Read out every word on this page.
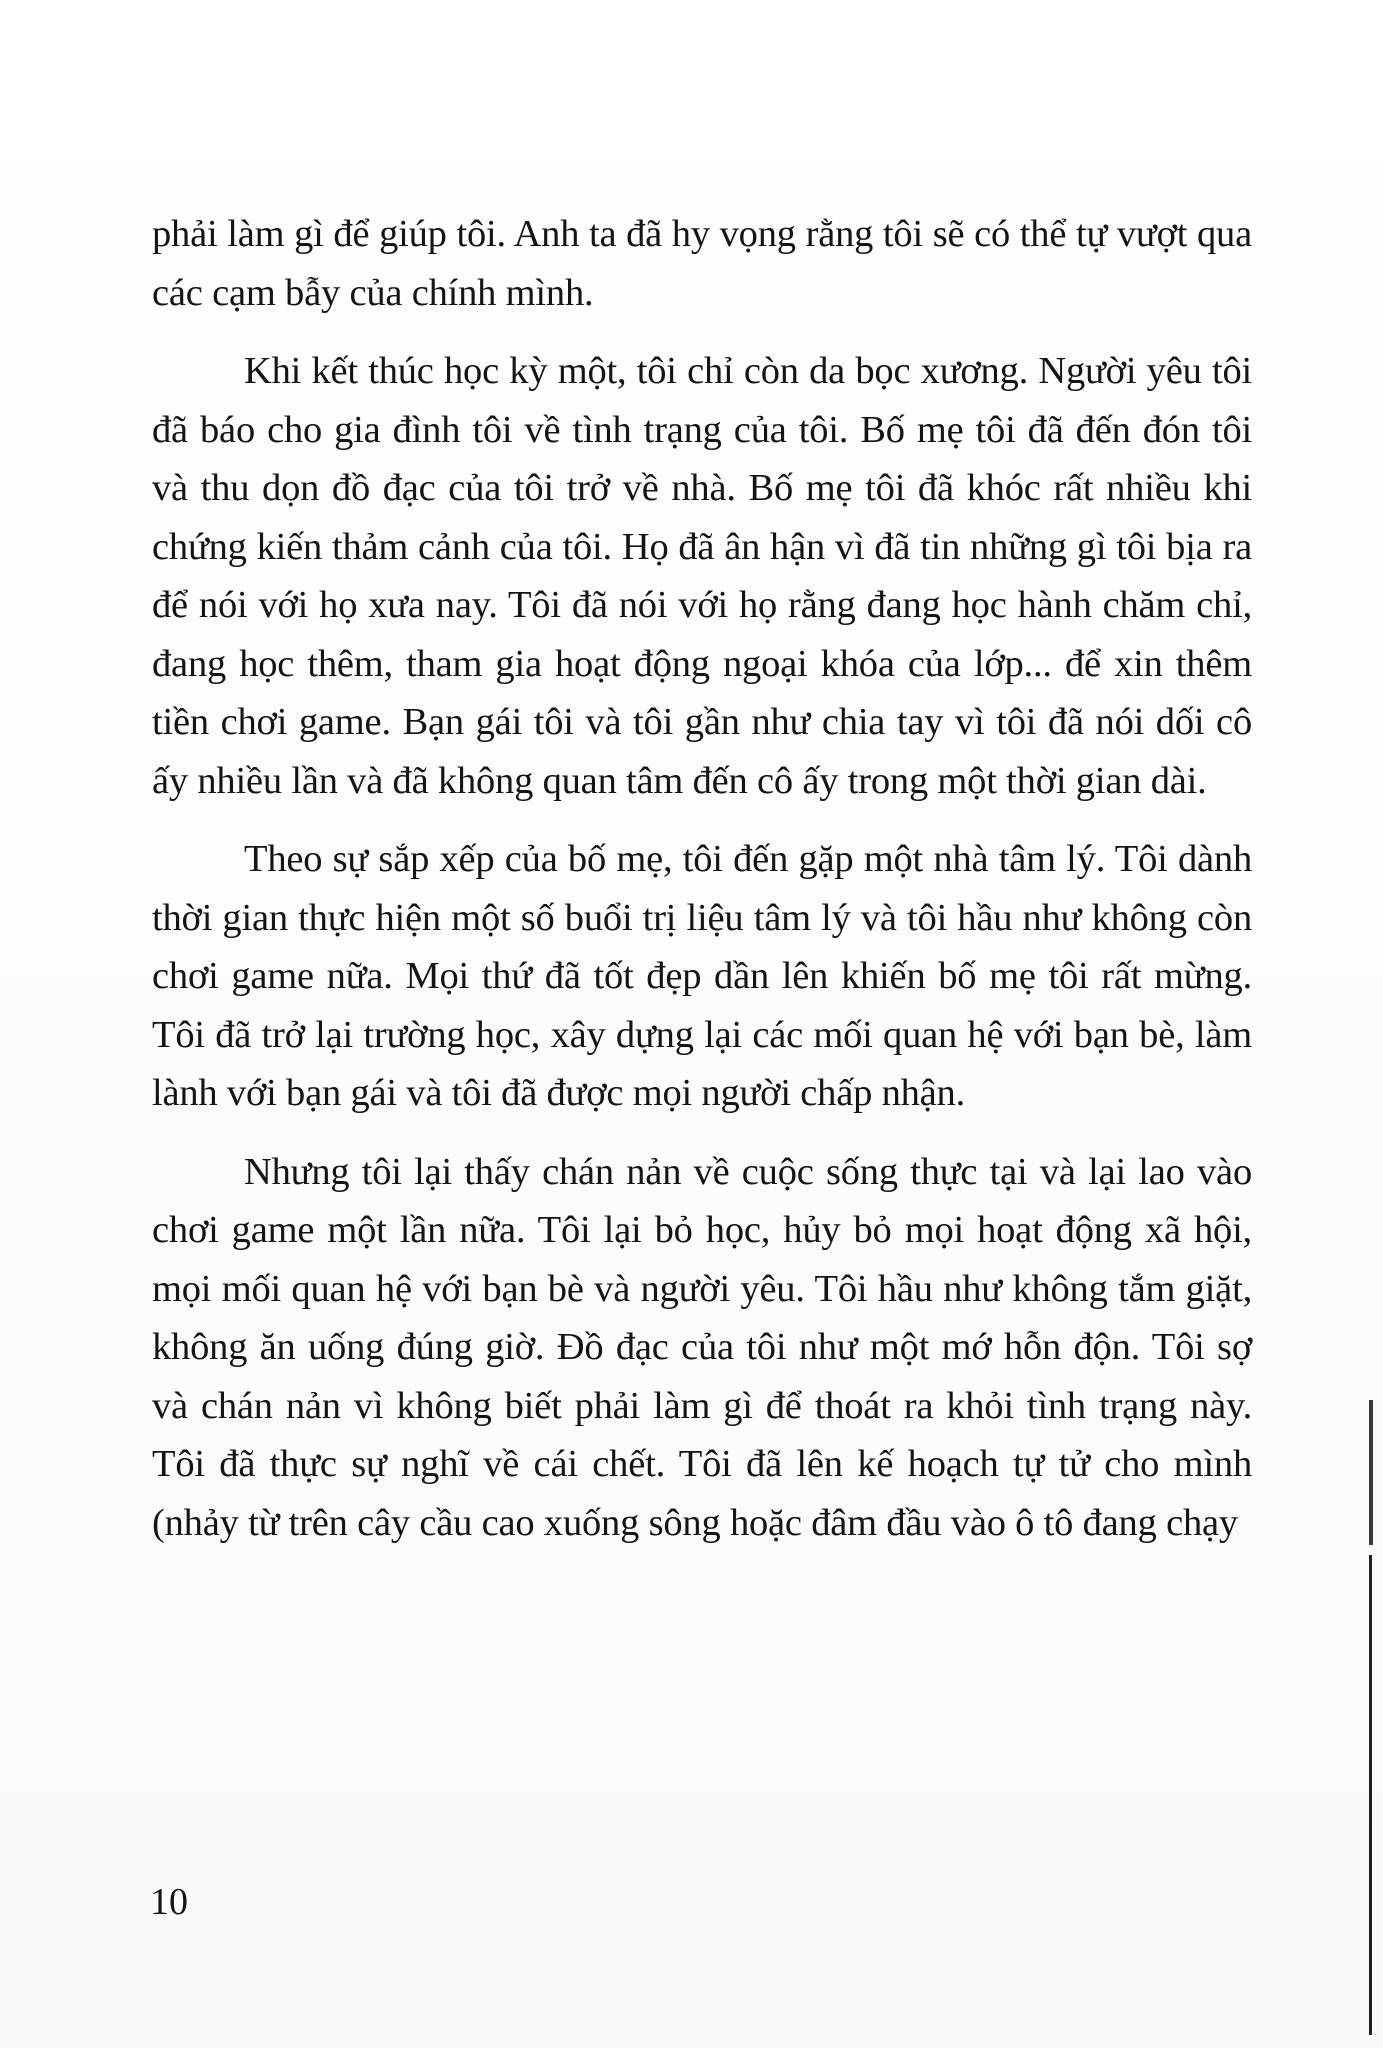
phải làm gì để giúp tôi. Anh ta đã hy vọng rằng tôi sẽ có thể tự vượt qua các cạm bẫy của chính mình.

Khi kết thúc học kỳ một, tôi chỉ còn da bọc xương. Người yêu tôi đã báo cho gia đình tôi về tình trạng của tôi. Bố mẹ tôi đã đến đón tôi và thu dọn đồ đạc của tôi trở về nhà. Bố mẹ tôi đã khóc rất nhiều khi chứng kiến thảm cảnh của tôi. Họ đã ân hận vì đã tin những gì tôi bịa ra để nói với họ xưa nay. Tôi đã nói với họ rằng đang học hành chăm chỉ, đang học thêm, tham gia hoạt động ngoại khóa của lớp... để xin thêm tiền chơi game. Bạn gái tôi và tôi gần như chia tay vì tôi đã nói dối cô ấy nhiều lần và đã không quan tâm đến cô ấy trong một thời gian dài.

Theo sự sắp xếp của bố mẹ, tôi đến gặp một nhà tâm lý. Tôi dành thời gian thực hiện một số buổi trị liệu tâm lý và tôi hầu như không còn chơi game nữa. Mọi thứ đã tốt đẹp dần lên khiến bố mẹ tôi rất mừng. Tôi đã trở lại trường học, xây dựng lại các mối quan hệ với bạn bè, làm lành với bạn gái và tôi đã được mọi người chấp nhận.

Nhưng tôi lại thấy chán nản về cuộc sống thực tại và lại lao vào chơi game một lần nữa. Tôi lại bỏ học, hủy bỏ mọi hoạt động xã hội, mọi mối quan hệ với bạn bè và người yêu. Tôi hầu như không tắm giặt, không ăn uống đúng giờ. Đồ đạc của tôi như một mớ hỗn độn. Tôi sợ và chán nản vì không biết phải làm gì để thoát ra khỏi tình trạng này. Tôi đã thực sự nghĩ về cái chết. Tôi đã lên kế hoạch tự tử cho mình (nhảy từ trên cây cầu cao xuống sông hoặc đâm đầu vào ô tô đang chạy

10
